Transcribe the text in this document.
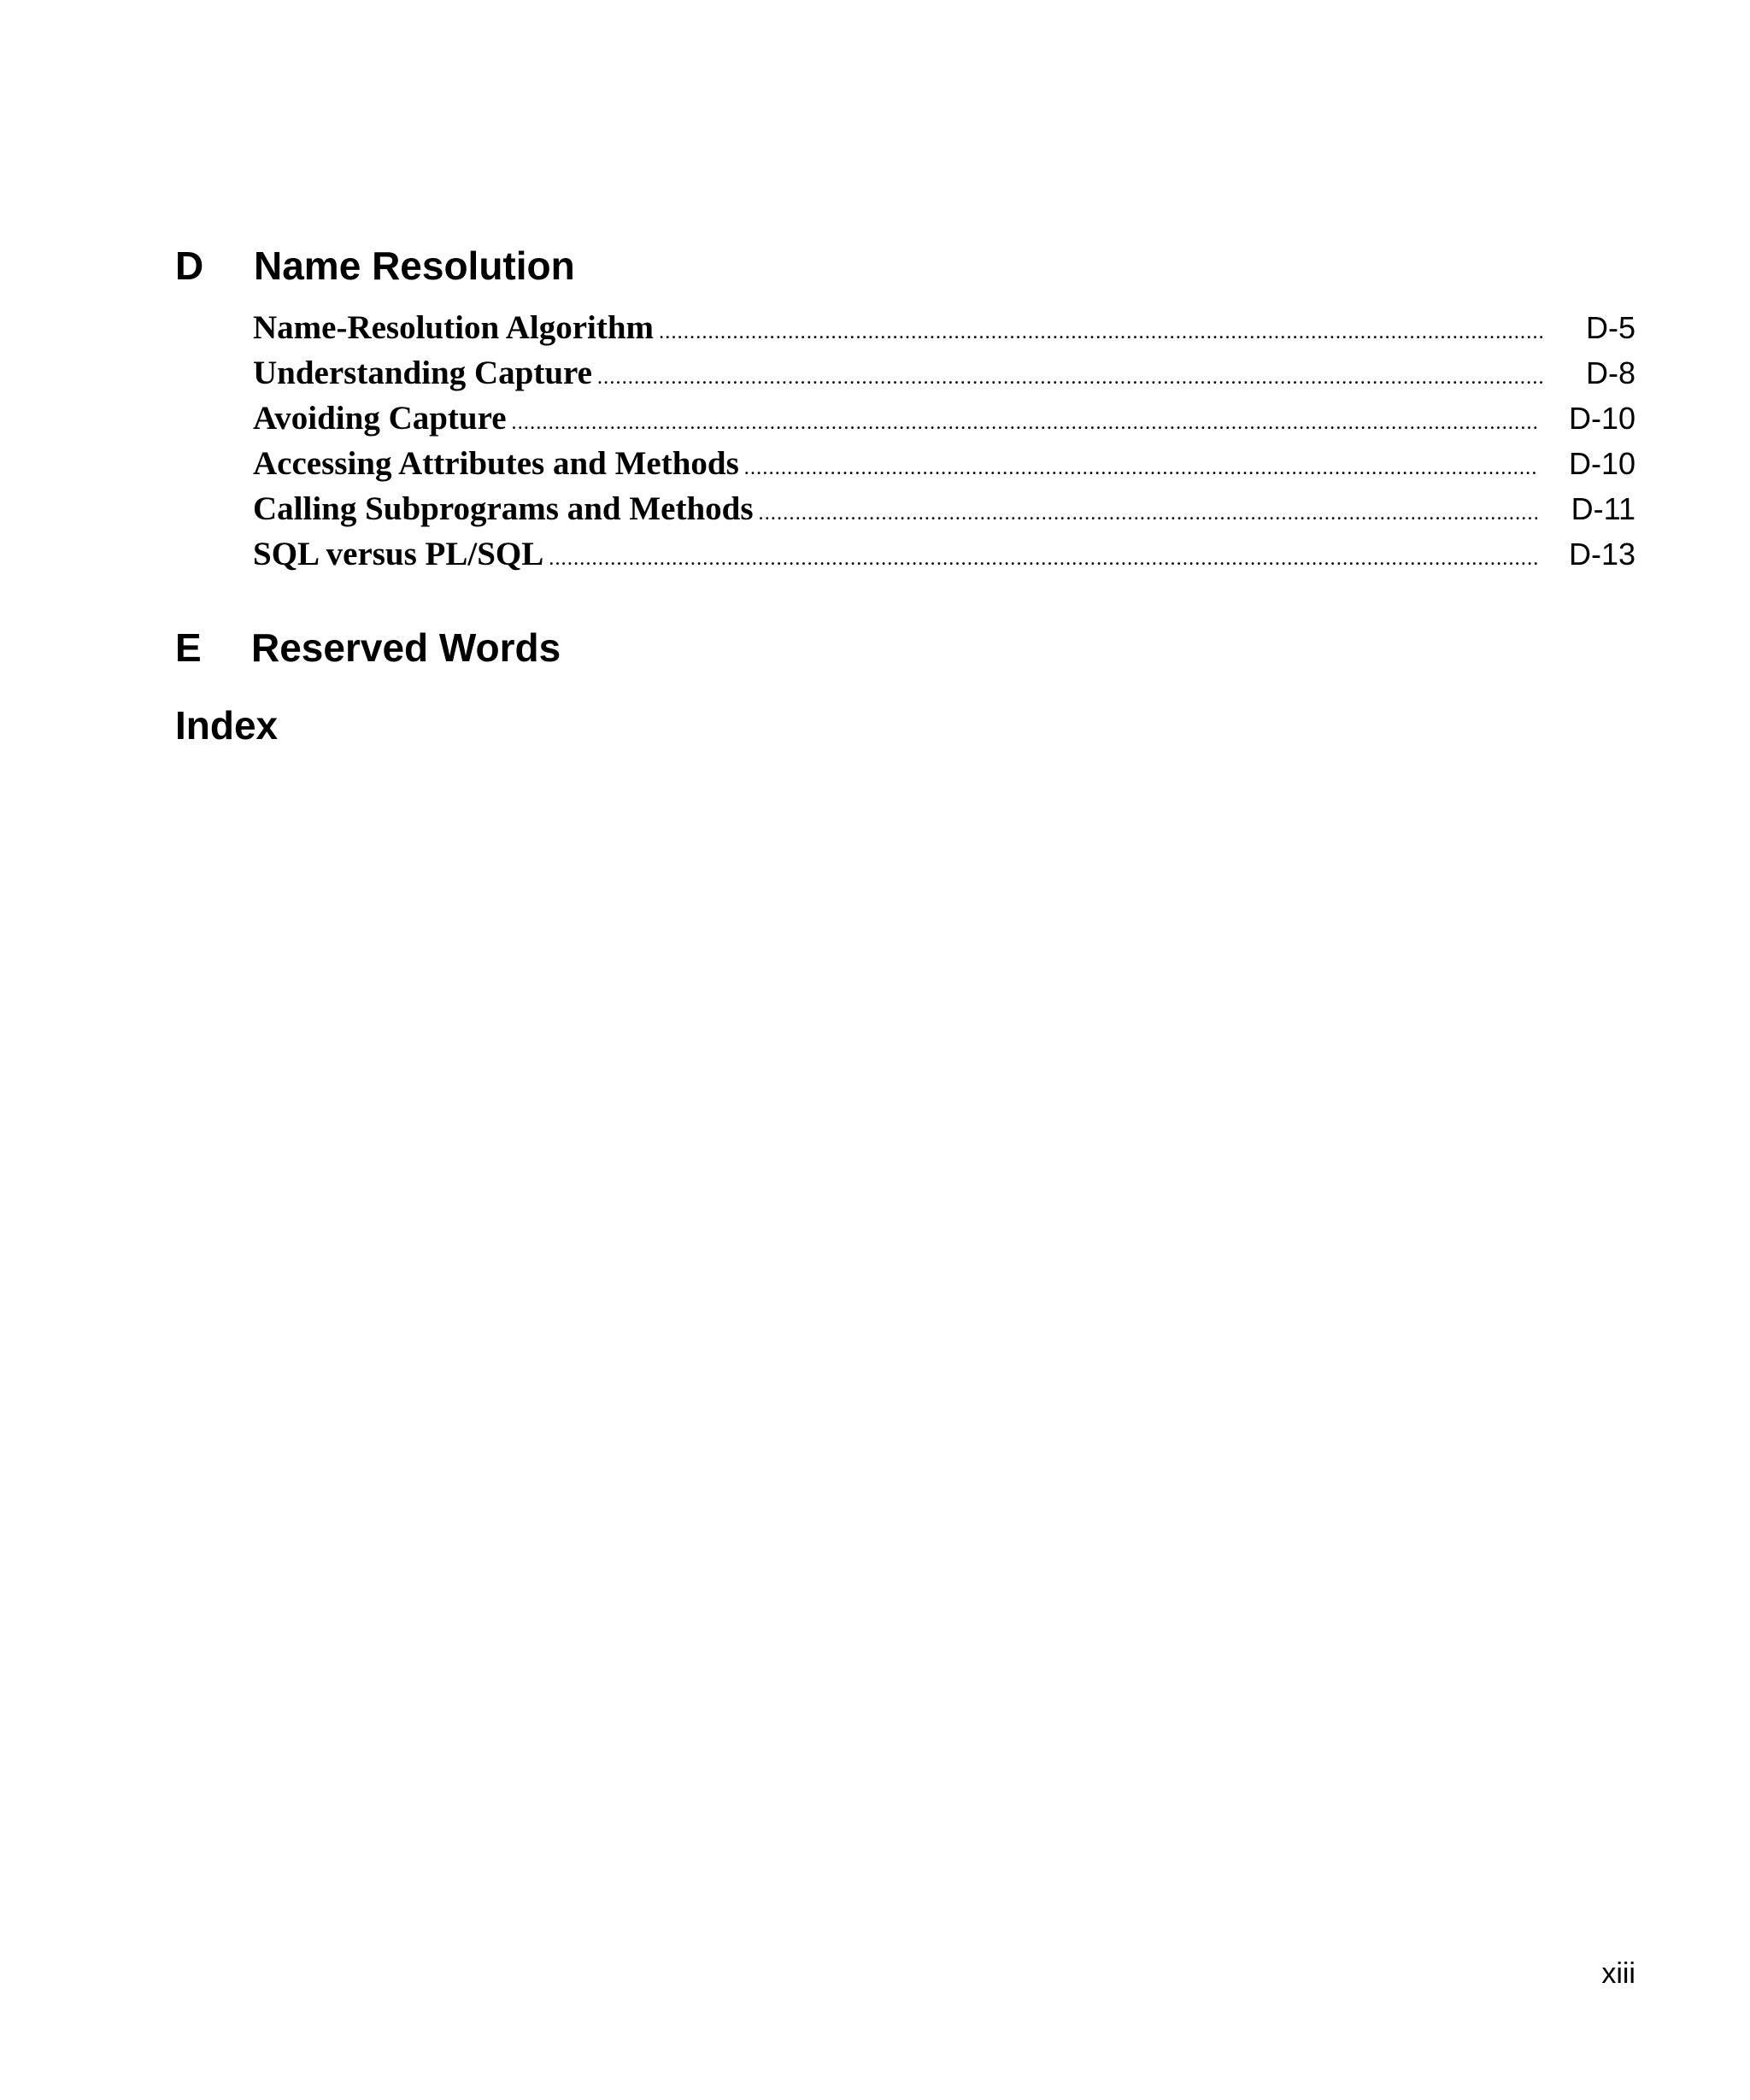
D Name Resolution
Name-Resolution Algorithm .....	D-5
Understanding Capture .....	D-8
Avoiding Capture .....	D-10
Accessing Attributes and Methods .....	D-10
Calling Subprograms and Methods .....	D-11
SQL versus PL/SQL .....	D-13
E Reserved Words
Index
xiii
